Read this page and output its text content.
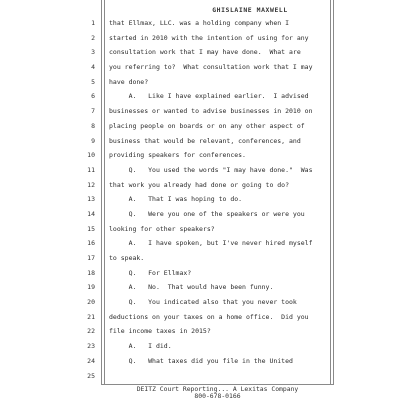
GHISLAINE MAXWELL
1 that Ellmax, LLC. was a holding company when I
2 started in 2010 with the intention of using for any
3 consultation work that I may have done.  What are
4 you referring to?  What consultation work that I may
5 have done?
6 A.   Like I have explained earlier.  I advised
7 businesses or wanted to advise businesses in 2010 on
8 placing people on boards or on any other aspect of
9 business that would be relevant, conferences, and
10 providing speakers for conferences.
11 Q.   You used the words "I may have done."  Was
12 that work you already had done or going to do?
13 A.   That I was hoping to do.
14 Q.   Were you one of the speakers or were you
15 looking for other speakers?
16 A.   I have spoken, but I've never hired myself
17 to speak.
18 Q.   For Ellmax?
19 A.   No.  That would have been funny.
20 Q.   You indicated also that you never took
21 deductions on your taxes on a home office.  Did you
22 file income taxes in 2015?
23 A.   I did.
24 Q.   What taxes did you file in the United
25
DEITZ Court Reporting... A Lexitas Company
800-678-0166
